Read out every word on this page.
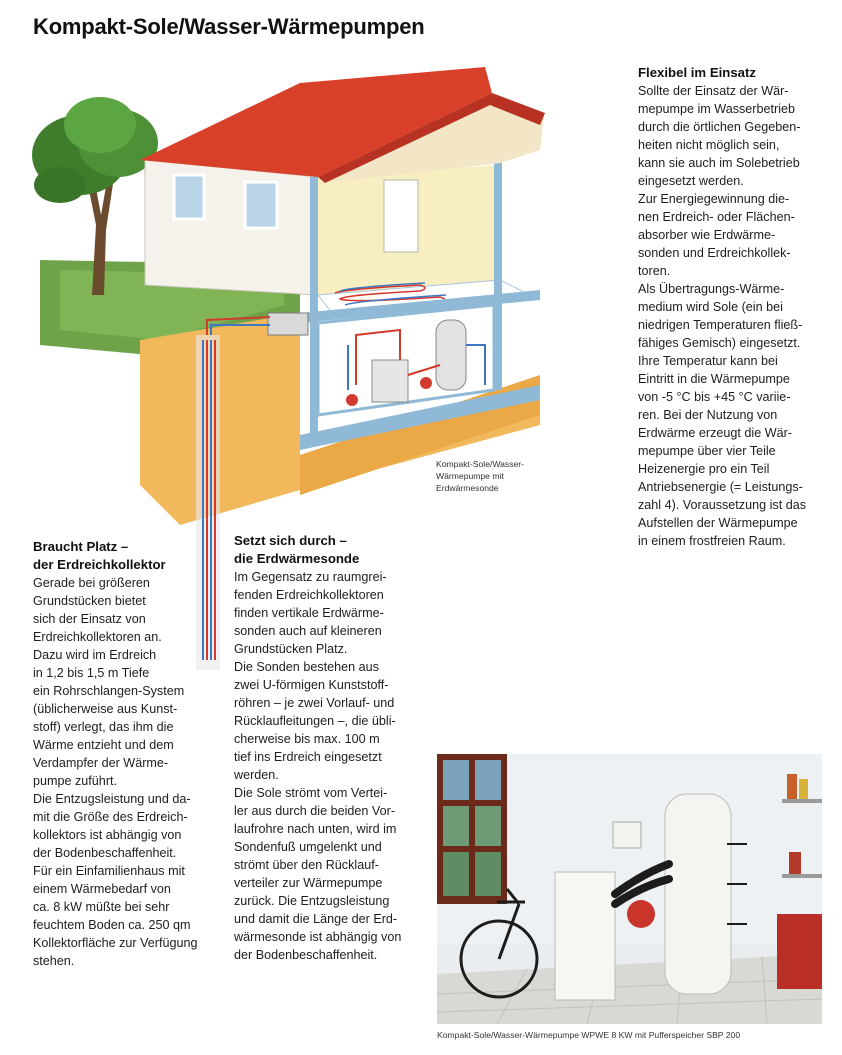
Kompakt-Sole/Wasser-Wärmepumpen
Kompakt-Sole/Wasser-
Wärmepumpe mit
Erdwärmesonde
Flexibel im Einsatz

Sollte der Einsatz der Wär-
mepumpe im Wasserbetrieb
durch die örtlichen Gegeben-
heiten nicht möglich sein,
kann sie auch im Solebetrieb
eingesetzt werden.
Zur Energiegewinnung die-
nen Erdreich- oder Flächen-
absorber wie Erdwärme-
sonden und Erdreichkollek-
toren.
Als Übertragungs-Wärme-
medium wird Sole (ein bei
niedrigen Temperaturen fließ-
fähiges Gemisch) eingesetzt.
Ihre Temperatur kann bei
Eintritt in die Wärmepumpe
von -5 °C bis +45 °C variie-
ren. Bei der Nutzung von
Erdwärme erzeugt die Wär-
mepumpe über vier Teile
Heizenergie pro ein Teil
Antriebsenergie (= Leistungs-
zahl 4). Voraussetzung ist das
Aufstellen der Wärmepumpe
in einem frostfreien Raum.

Braucht Platz –
der Erdreichkollektor

Gerade bei größeren
Grundstücken bietet
sich der Einsatz von
Erdreichkollektoren an.
Dazu wird im Erdreich
in 1,2 bis 1,5 m Tiefe
ein Rohrschlangen-System
(üblicherweise aus Kunst-
stoff) verlegt, das ihm die
Wärme entzieht und dem
Verdampfer der Wärme-
pumpe zuführt.
Die Entzugsleistung und da-
mit die Größe des Erdreich-
kollektors ist abhängig von
der Bodenbeschaffenheit.
Für ein Einfamilienhaus mit
einem Wärmebedarf von
ca. 8 kW müßte bei sehr
feuchtem Boden ca. 250 qm
Kollektorfläche zur Verfügung
stehen.

Setzt sich durch –
die Erdwärmesonde

Im Gegensatz zu raumgrei-
fenden Erdreichkollektoren
finden vertikale Erdwärme-
sonden auch auf kleineren
Grundstücken Platz.
Die Sonden bestehen aus
zwei U-förmigen Kunststoff-
röhren – je zwei Vorlauf- und
Rücklaufleitungen –, die übli-
cherweise bis max. 100 m
tief ins Erdreich eingesetzt
werden.
Die Sole strömt vom Vertei-
ler aus durch die beiden Vor-
laufrohre nach unten, wird im
Sondenfuß umgelenkt und
strömt über den Rücklauf-
verteiler zur Wärmepumpe
zurück. Die Entzugsleistung
und damit die Länge der Erd-
wärmesonde ist abhängig von
der Bodenbeschaffenheit.

Kompakt-Sole/Wasser-Wärmepumpe WPWE 8 KW mit Pufferspeicher SBP 200
